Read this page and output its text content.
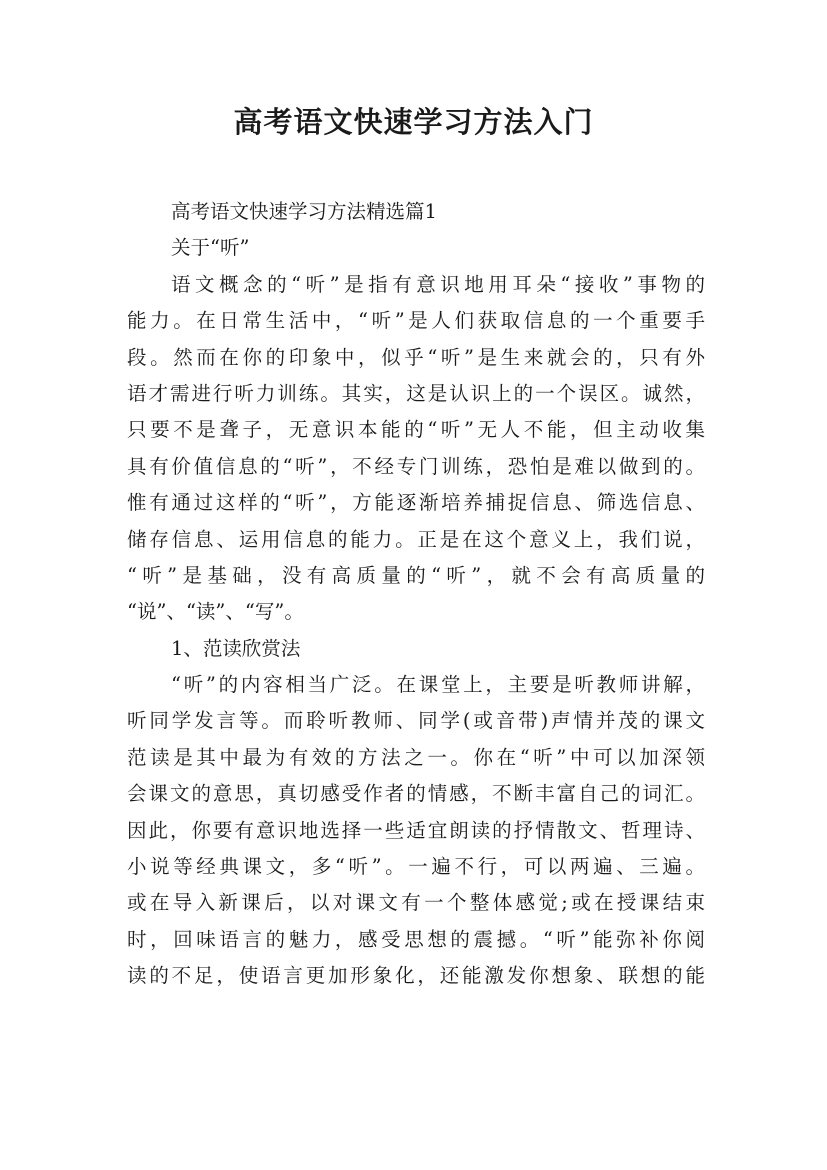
高考语文快速学习方法入门
高考语文快速学习方法精选篇1
关于“听”
语文概念的“听”是指有意识地用耳朵“接收”事物的
能力。在日常生活中，“听”是人们获取信息的一个重要手
段。然而在你的印象中，似乎“听”是生来就会的，只有外
语才需进行听力训练。其实，这是认识上的一个误区。诚然，
只要不是聋子，无意识本能的“听”无人不能，但主动收集
具有价值信息的“听”，不经专门训练，恐怕是难以做到的。
惟有通过这样的“听”，方能逐渐培养捕捉信息、筛选信息、
储存信息、运用信息的能力。正是在这个意义上，我们说，
“听”是基础，没有高质量的“听”，就不会有高质量的
“说”、“读”、“写”。
1、范读欣赏法
“听”的内容相当广泛。在课堂上，主要是听教师讲解，
听同学发言等。而聆听教师、同学(或音带)声情并茂的课文
范读是其中最为有效的方法之一。你在“听”中可以加深领
会课文的意思，真切感受作者的情感，不断丰富自己的词汇。
因此，你要有意识地选择一些适宜朗读的抒情散文、哲理诗、
小说等经典课文，多“听”。一遍不行，可以两遍、三遍。
或在导入新课后，以对课文有一个整体感觉;或在授课结束
时，回味语言的魅力，感受思想的震撼。“听”能弥补你阅
读的不足，使语言更加形象化，还能激发你想象、联想的能
